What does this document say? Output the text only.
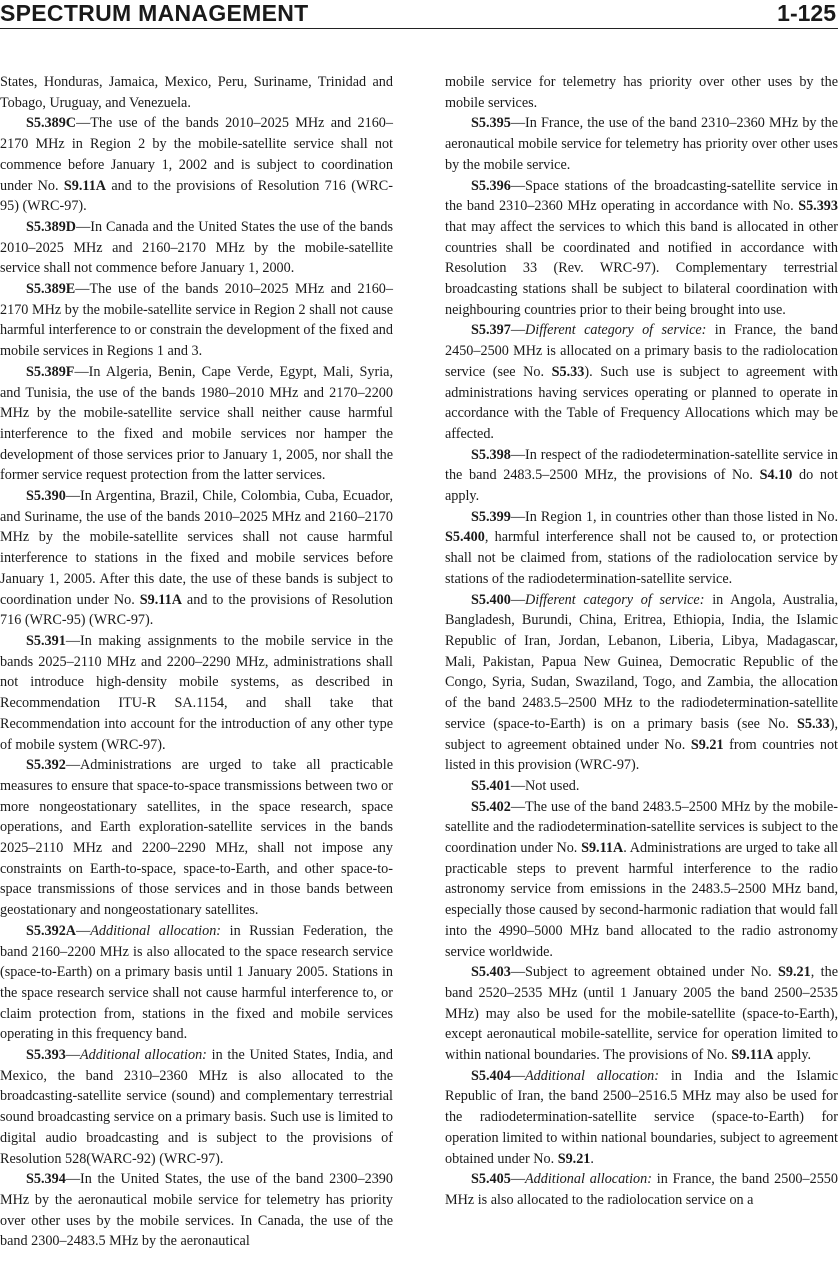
SPECTRUM MANAGEMENT	1-125

States, Honduras, Jamaica, Mexico, Peru, Suriname, Trinidad and Tobago, Uruguay, and Venezuela.

S5.389C—The use of the bands 2010–2025 MHz and 2160–2170 MHz in Region 2 by the mobile-satellite service shall not commence before January 1, 2002 and is subject to coordination under No. S9.11A and to the provisions of Resolution 716 (WRC-95) (WRC-97).

S5.389D—In Canada and the United States the use of the bands 2010–2025 MHz and 2160–2170 MHz by the mobile-satellite service shall not commence before January 1, 2000.

S5.389E—The use of the bands 2010–2025 MHz and 2160–2170 MHz by the mobile-satellite service in Region 2 shall not cause harmful interference to or constrain the development of the fixed and mobile services in Regions 1 and 3.

S5.389F—In Algeria, Benin, Cape Verde, Egypt, Mali, Syria, and Tunisia, the use of the bands 1980–2010 MHz and 2170–2200 MHz by the mobile-satellite service shall neither cause harmful interference to the fixed and mobile services nor hamper the development of those services prior to January 1, 2005, nor shall the former service request protection from the latter services.

S5.390—In Argentina, Brazil, Chile, Colombia, Cuba, Ecuador, and Suriname, the use of the bands 2010–2025 MHz and 2160–2170 MHz by the mobile-satellite services shall not cause harmful interference to stations in the fixed and mobile services before January 1, 2005. After this date, the use of these bands is subject to coordination under No. S9.11A and to the provisions of Resolution 716 (WRC-95) (WRC-97).

S5.391—In making assignments to the mobile service in the bands 2025–2110 MHz and 2200–2290 MHz, administrations shall not introduce high-density mobile systems, as described in Recommendation ITU-R SA.1154, and shall take that Recommendation into account for the introduction of any other type of mobile system (WRC-97).

S5.392—Administrations are urged to take all practicable measures to ensure that space-to-space transmissions between two or more nongeostationary satellites, in the space research, space operations, and Earth exploration-satellite services in the bands 2025–2110 MHz and 2200–2290 MHz, shall not impose any constraints on Earth-to-space, space-to-Earth, and other space-to-space transmissions of those services and in those bands between geostationary and nongeostationary satellites.

S5.392A—Additional allocation: in Russian Federation, the band 2160–2200 MHz is also allocated to the space research service (space-to-Earth) on a primary basis until 1 January 2005. Stations in the space research service shall not cause harmful interference to, or claim protection from, stations in the fixed and mobile services operating in this frequency band.

S5.393—Additional allocation: in the United States, India, and Mexico, the band 2310–2360 MHz is also allocated to the broadcasting-satellite service (sound) and complementary terrestrial sound broadcasting service on a primary basis. Such use is limited to digital audio broadcasting and is subject to the provisions of Resolution 528(WARC-92) (WRC-97).

S5.394—In the United States, the use of the band 2300–2390 MHz by the aeronautical mobile service for telemetry has priority over other uses by the mobile services. In Canada, the use of the band 2300–2483.5 MHz by the aeronautical

mobile service for telemetry has priority over other uses by the mobile services.

S5.395—In France, the use of the band 2310–2360 MHz by the aeronautical mobile service for telemetry has priority over other uses by the mobile service.

S5.396—Space stations of the broadcasting-satellite service in the band 2310–2360 MHz operating in accordance with No. S5.393 that may affect the services to which this band is allocated in other countries shall be coordinated and notified in accordance with Resolution 33 (Rev. WRC-97). Complementary terrestrial broadcasting stations shall be subject to bilateral coordination with neighbouring countries prior to their being brought into use.

S5.397—Different category of service: in France, the band 2450–2500 MHz is allocated on a primary basis to the radiolocation service (see No. S5.33). Such use is subject to agreement with administrations having services operating or planned to operate in accordance with the Table of Frequency Allocations which may be affected.

S5.398—In respect of the radiodetermination-satellite service in the band 2483.5–2500 MHz, the provisions of No. S4.10 do not apply.

S5.399—In Region 1, in countries other than those listed in No. S5.400, harmful interference shall not be caused to, or protection shall not be claimed from, stations of the radiolocation service by stations of the radiodetermination-satellite service.

S5.400—Different category of service: in Angola, Australia, Bangladesh, Burundi, China, Eritrea, Ethiopia, India, the Islamic Republic of Iran, Jordan, Lebanon, Liberia, Libya, Madagascar, Mali, Pakistan, Papua New Guinea, Democratic Republic of the Congo, Syria, Sudan, Swaziland, Togo, and Zambia, the allocation of the band 2483.5–2500 MHz to the radiodetermination-satellite service (space-to-Earth) is on a primary basis (see No. S5.33), subject to agreement obtained under No. S9.21 from countries not listed in this provision (WRC-97).

S5.401—Not used.

S5.402—The use of the band 2483.5–2500 MHz by the mobile-satellite and the radiodetermination-satellite services is subject to the coordination under No. S9.11A. Administrations are urged to take all practicable steps to prevent harmful interference to the radio astronomy service from emissions in the 2483.5–2500 MHz band, especially those caused by second-harmonic radiation that would fall into the 4990–5000 MHz band allocated to the radio astronomy service worldwide.

S5.403—Subject to agreement obtained under No. S9.21, the band 2520–2535 MHz (until 1 January 2005 the band 2500–2535 MHz) may also be used for the mobile-satellite (space-to-Earth), except aeronautical mobile-satellite, service for operation limited to within national boundaries. The provisions of No. S9.11A apply.

S5.404—Additional allocation: in India and the Islamic Republic of Iran, the band 2500–2516.5 MHz may also be used for the radiodetermination-satellite service (space-to-Earth) for operation limited to within national boundaries, subject to agreement obtained under No. S9.21.

S5.405—Additional allocation: in France, the band 2500–2550 MHz is also allocated to the radiolocation service on a
